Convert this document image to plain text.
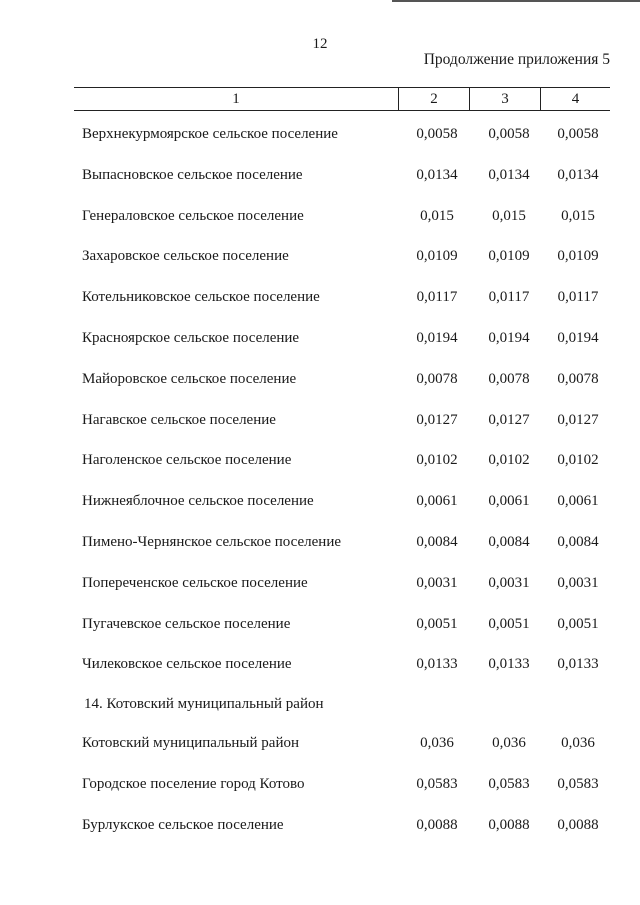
12
Продолжение приложения 5
1	2	3	4
Верхнекурмоярское сельское поселение	0,0058	0,0058	0,0058
Выпасновское сельское поселение	0,0134	0,0134	0,0134
Генераловское сельское поселение	0,015	0,015	0,015
Захаровское сельское поселение	0,0109	0,0109	0,0109
Котельниковское сельское поселение	0,0117	0,0117	0,0117
Красноярское сельское поселение	0,0194	0,0194	0,0194
Майоровское сельское поселение	0,0078	0,0078	0,0078
Нагавское сельское поселение	0,0127	0,0127	0,0127
Наголенское сельское поселение	0,0102	0,0102	0,0102
Нижнеяблочное сельское поселение	0,0061	0,0061	0,0061
Пимено-Чернянское сельское поселение	0,0084	0,0084	0,0084
Попереченское сельское поселение	0,0031	0,0031	0,0031
Пугачевское сельское поселение	0,0051	0,0051	0,0051
Чилековское сельское поселение	0,0133	0,0133	0,0133
14. Котовский муниципальный район
Котовский муниципальный район	0,036	0,036	0,036
Городское поселение город Котово	0,0583	0,0583	0,0583
Бурлукское сельское поселение	0,0088	0,0088	0,0088
